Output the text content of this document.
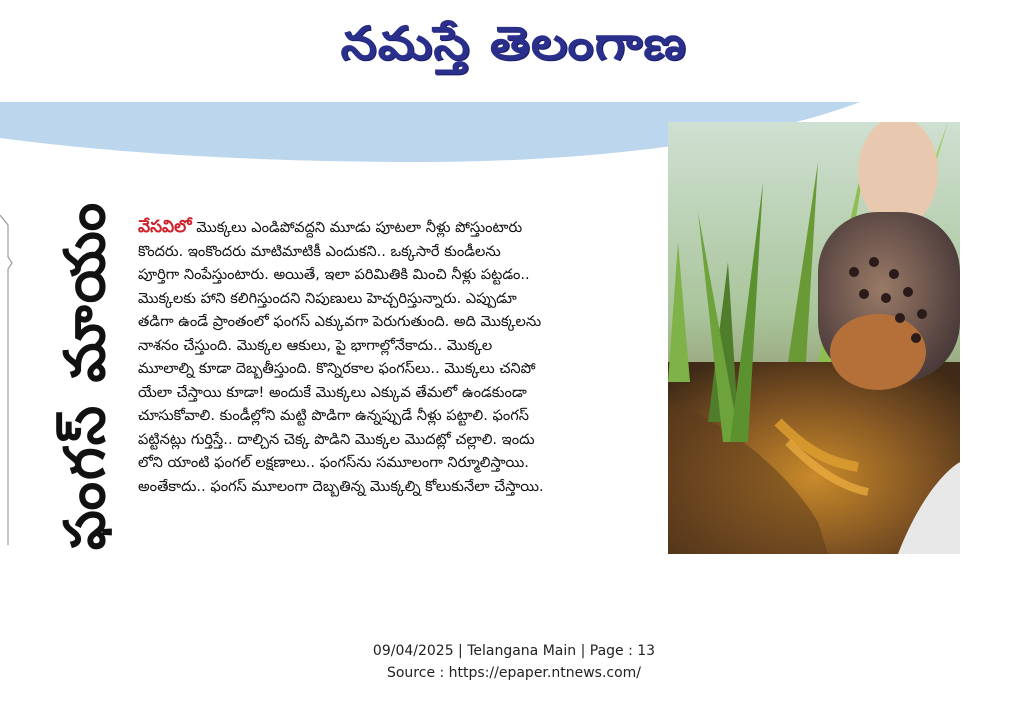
నమస్తే తెలంగాణ
ఫంగస్ మాయం	వేసవిలో మొక్కలు ఎండిపోవద్దని మూడు పూటలా నీళ్లు పోస్తుంటారు
కొందరు. ఇంకొందరు మాటిమాటికీ ఎందుకని.. ఒక్కసారే కుండీలను
పూర్తిగా నింపేస్తుంటారు. అయితే, ఇలా పరిమితికి మించి నీళ్లు పట్టడం..
మొక్కలకు హాని కలిగిస్తుందని నిపుణులు హెచ్చరిస్తున్నారు. ఎప్పుడూ
తడిగా ఉండే ప్రాంతంలో ఫంగస్ ఎక్కువగా పెరుగుతుంది. అది మొక్కలను
నాశనం చేస్తుంది. మొక్కల ఆకులు, పై భాగాల్లోనేకాదు.. మొక్కల
మూలాల్ని కూడా దెబ్బతీస్తుంది. కొన్నిరకాల ఫంగస్‌లు.. మొక్కలు చనిపో
యేలా చేస్తాయి కూడా! అందుకే మొక్కలు ఎక్కువ తేమలో ఉండకుండా
చూసుకోవాలి. కుండీల్లోని మట్టి పొడిగా ఉన్నప్పుడే నీళ్లు పట్టాలి. ఫంగస్
పట్టినట్లు గుర్తిస్తే.. దాల్చిన చెక్క పొడిని మొక్కల మొదట్లో చల్లాలి. ఇందు
లోని యాంటి ఫంగల్ లక్షణాలు.. ఫంగస్‌ను సమూలంగా నిర్మూలిస్తాయి.
అంతేకాదు.. ఫంగస్ మూలంగా దెబ్బతిన్న మొక్కల్ని కోలుకునేలా చేస్తాయి.
09/04/2025 | Telangana Main | Page : 13
Source : https://epaper.ntnews.com/
